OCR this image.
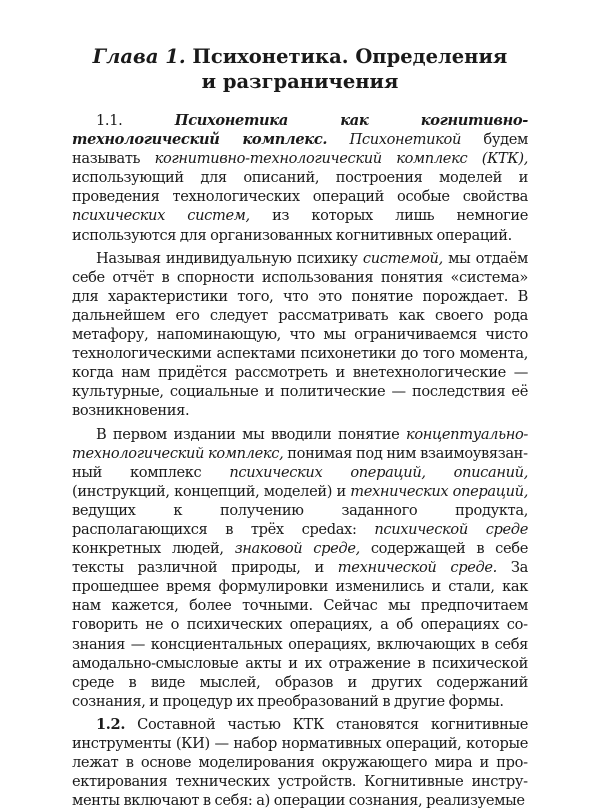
Глава 1. Психонетика. Определения
и разграничения

1.1. Психонетика как когнитивно-технологический комплекс. Психонетикой будем называть когнитивно-технологический комплекс (КТК), использующий для описаний, построения моделей и проведения технологических операций особые свойства психических систем, из которых лишь немногие используются для организованных когнитивных операций.

Называя индивидуальную психику системой, мы отдаём себе отчёт в спорности использования понятия «система» для характеристики того, что это понятие порождает. В дальнейшем его следует рассматривать как своего рода метафору, напоминающую, что мы ограничиваемся чисто технологическими аспектами психонетики до того момента, когда нам придётся рассмотреть и внетехнологические — культурные, социальные и политические — последствия её возникновения.

В первом издании мы вводили понятие концептуально-технологический комплекс, понимая под ним взаимоувязанный комплекс психических операций, описаний, (инструкций, концепций, моделей) и технических операций, ведущих к получению заданного продукта, располагающихся в трёх среdах: психической среде конкретных людей, знаковой среде, содержащей в себе тексты различной природы, и технической среде. За прошедшее время формулировки изменились и стали, как нам кажется, более точными. Сейчас мы предпочитаем говорить не о психических операциях, а об операциях сознания — консциентальных операциях, включающих в себя амодально-смысловые акты и их отражение в психической среде в виде мыслей, образов и других содержаний сознания, и процедур их преобразований в другие формы.

1.2. Составной частью КТК становятся когнитивные инструменты (КИ) — набор нормативных операций, которые лежат в основе моделирования окружающего мира и проектирования технических устройств. Когнитивные инструменты включают в себя: а) операции сознания, реализуемые
